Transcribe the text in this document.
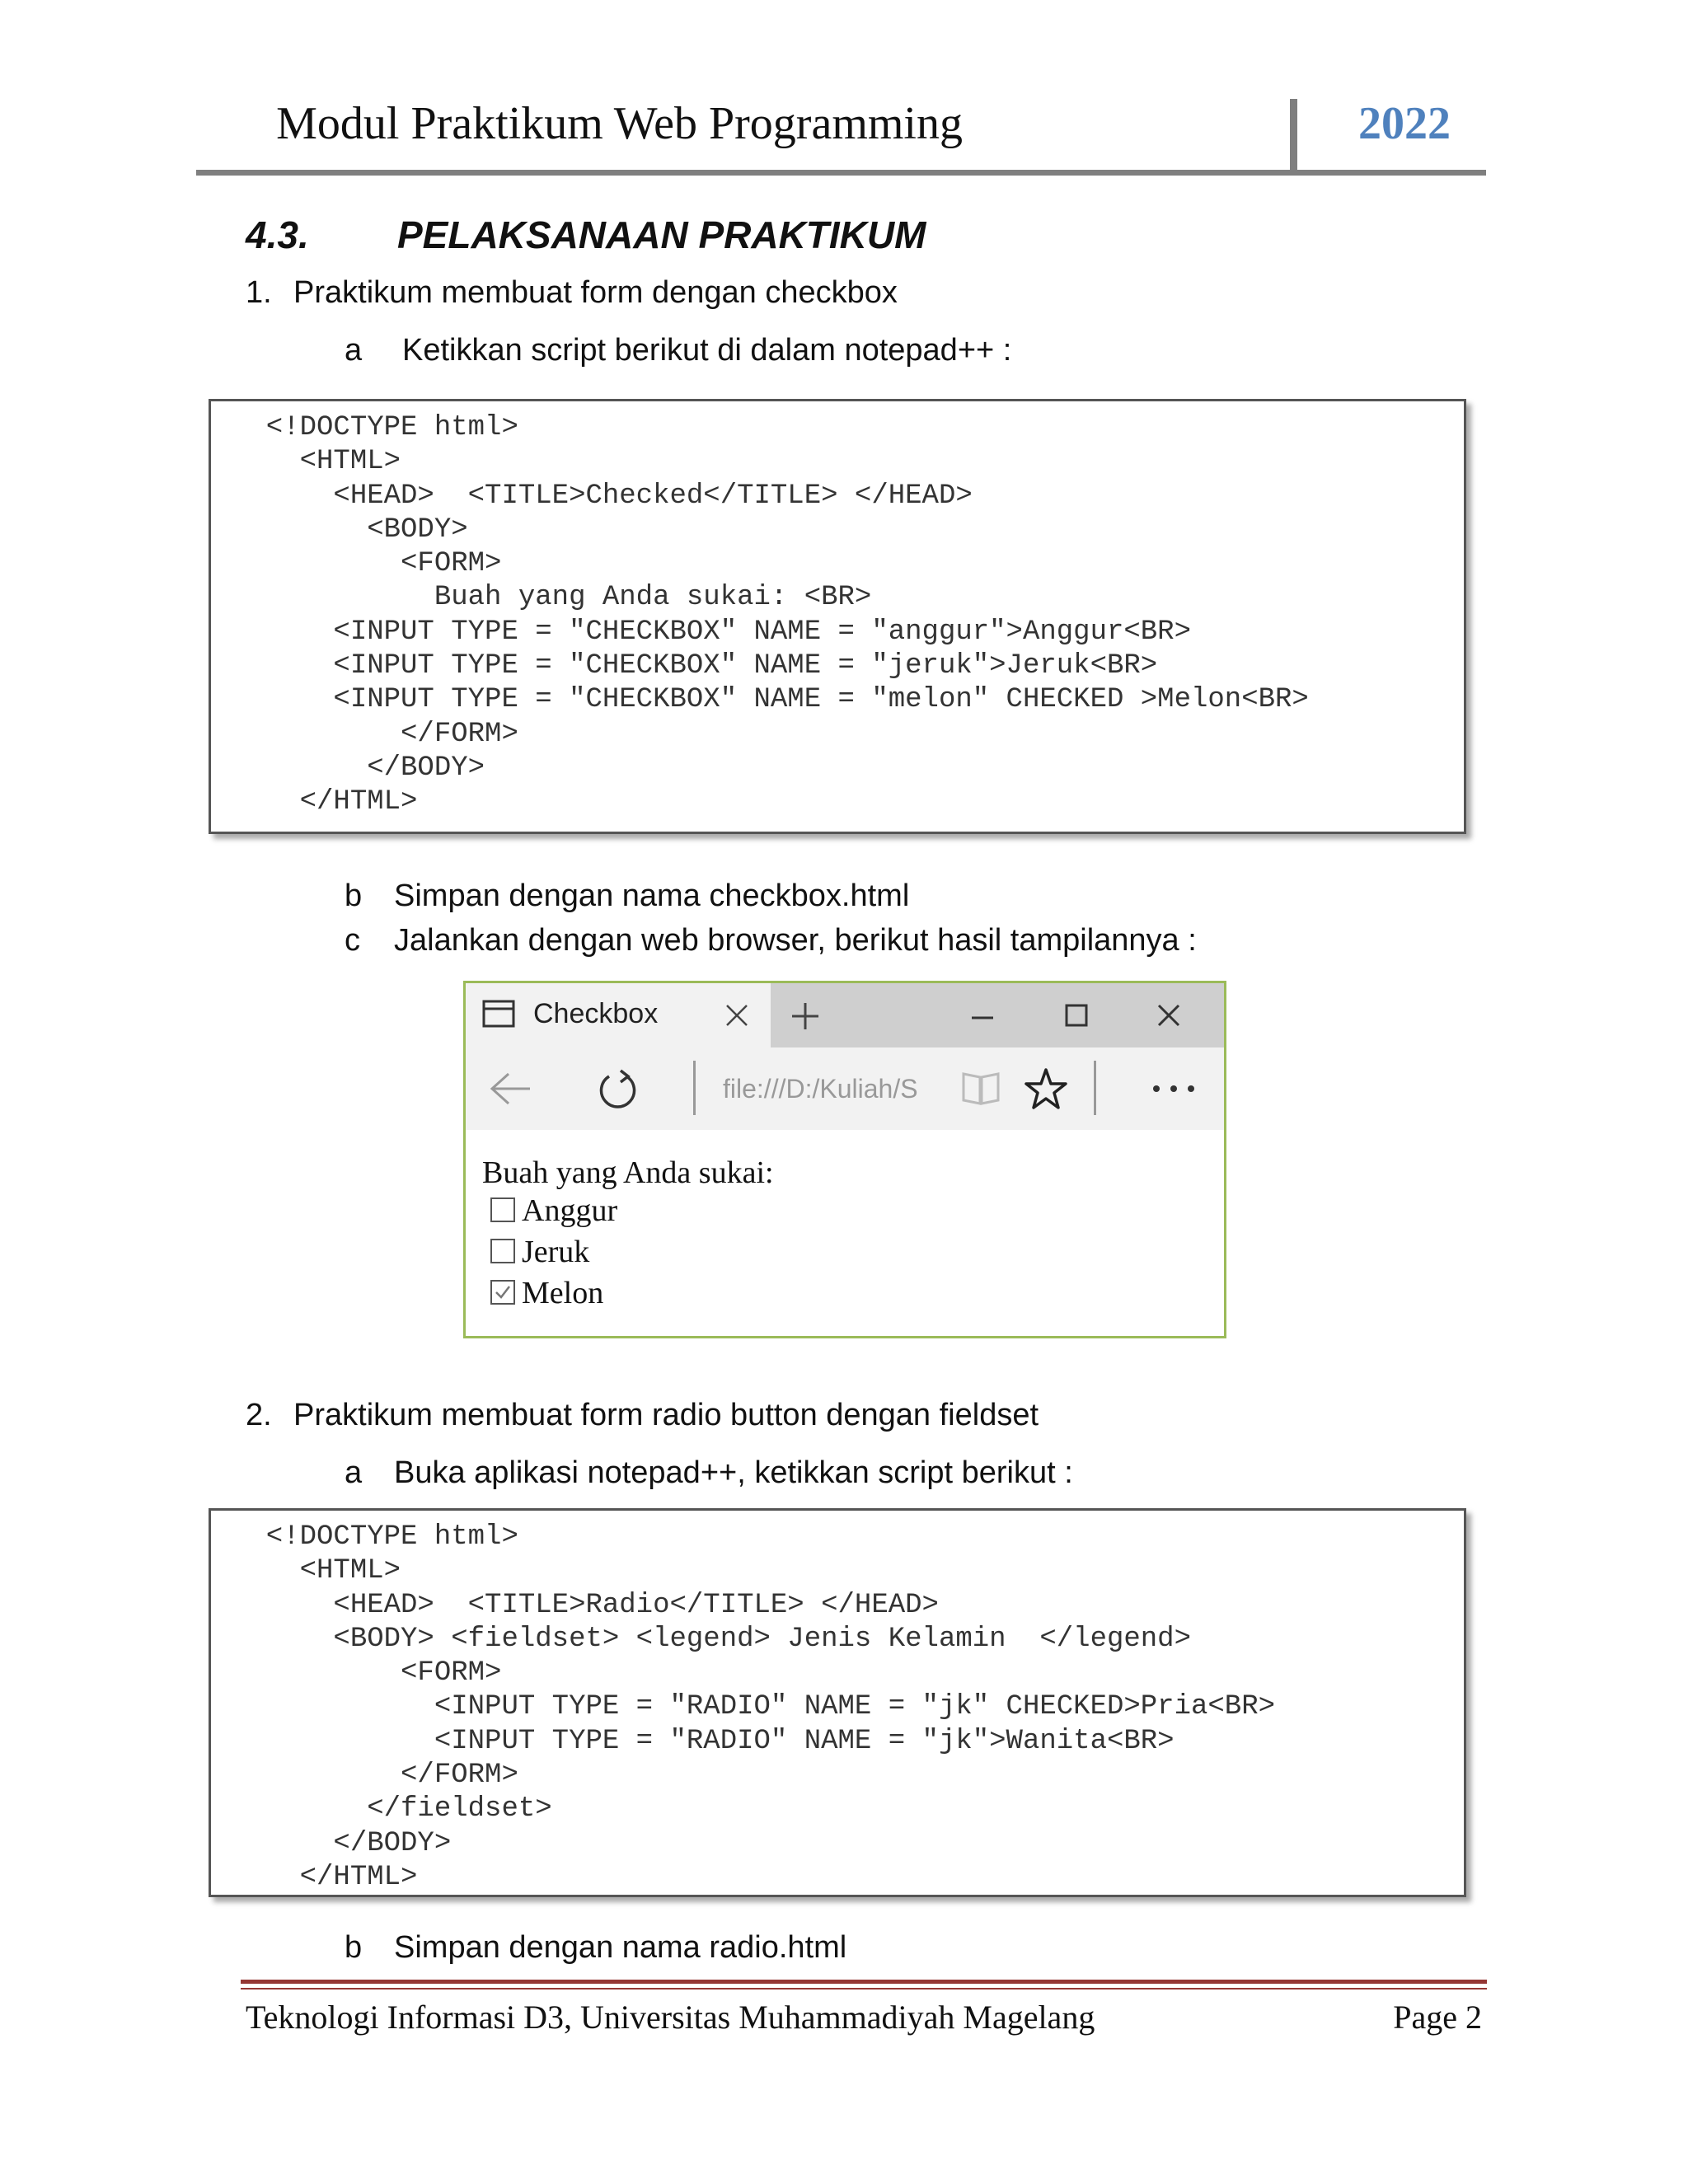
Modul Praktikum Web Programming	2022
4.3. PELAKSANAAN PRAKTIKUM
1. Praktikum membuat form dengan checkbox
a Ketikkan script berikut di dalam notepad++ :
<!DOCTYPE html>
<HTML>
<HEAD>  <TITLE>Checked</TITLE> </HEAD>
<BODY>
<FORM>
Buah yang Anda sukai: <BR>
<INPUT TYPE = "CHECKBOX" NAME = "anggur">Anggur<BR>
<INPUT TYPE = "CHECKBOX" NAME = "jeruk">Jeruk<BR>
<INPUT TYPE = "CHECKBOX" NAME = "melon" CHECKED >Melon<BR>
</FORM>
</BODY>
</HTML>
b Simpan dengan nama checkbox.html
c Jalankan dengan web browser, berikut hasil tampilannya :
Checkbox
file:///D:/Kuliah/S
Buah yang Anda sukai:
Anggur
Jeruk
Melon
2. Praktikum membuat form radio button dengan fieldset
a Buka aplikasi notepad++, ketikkan script berikut :
<!DOCTYPE html>
<HTML>
<HEAD>  <TITLE>Radio</TITLE> </HEAD>
<BODY> <fieldset> <legend> Jenis Kelamin  </legend>
<FORM>
<INPUT TYPE = "RADIO" NAME = "jk" CHECKED>Pria<BR>
<INPUT TYPE = "RADIO" NAME = "jk">Wanita<BR>
</FORM>
</fieldset>
</BODY>
</HTML>
b Simpan dengan nama radio.html
Teknologi Informasi D3, Universitas Muhammadiyah Magelang	Page 2
